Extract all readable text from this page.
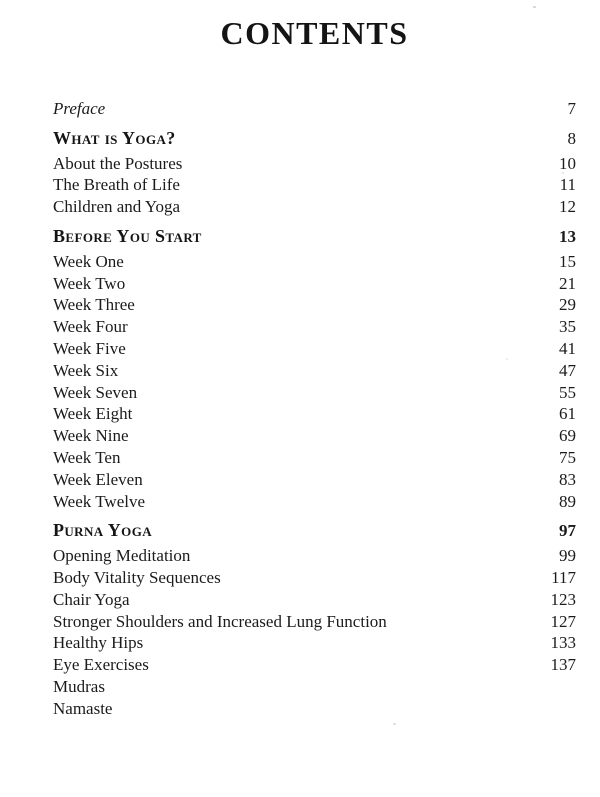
CONTENTS
Preface	7
What is Yoga?	8
About the Postures	10
The Breath of Life	11
Children and Yoga	12
Before You Start	13
Week One	15
Week Two	21
Week Three	29
Week Four	35
Week Five	41
Week Six	47
Week Seven	55
Week Eight	61
Week Nine	69
Week Ten	75
Week Eleven	83
Week Twelve	89
Purna Yoga	97
Opening Meditation	99
Body Vitality Sequences	117
Chair Yoga	123
Stronger Shoulders and Increased Lung Function	127
Healthy Hips	133
Eye Exercises	137
Mudras
Namaste
